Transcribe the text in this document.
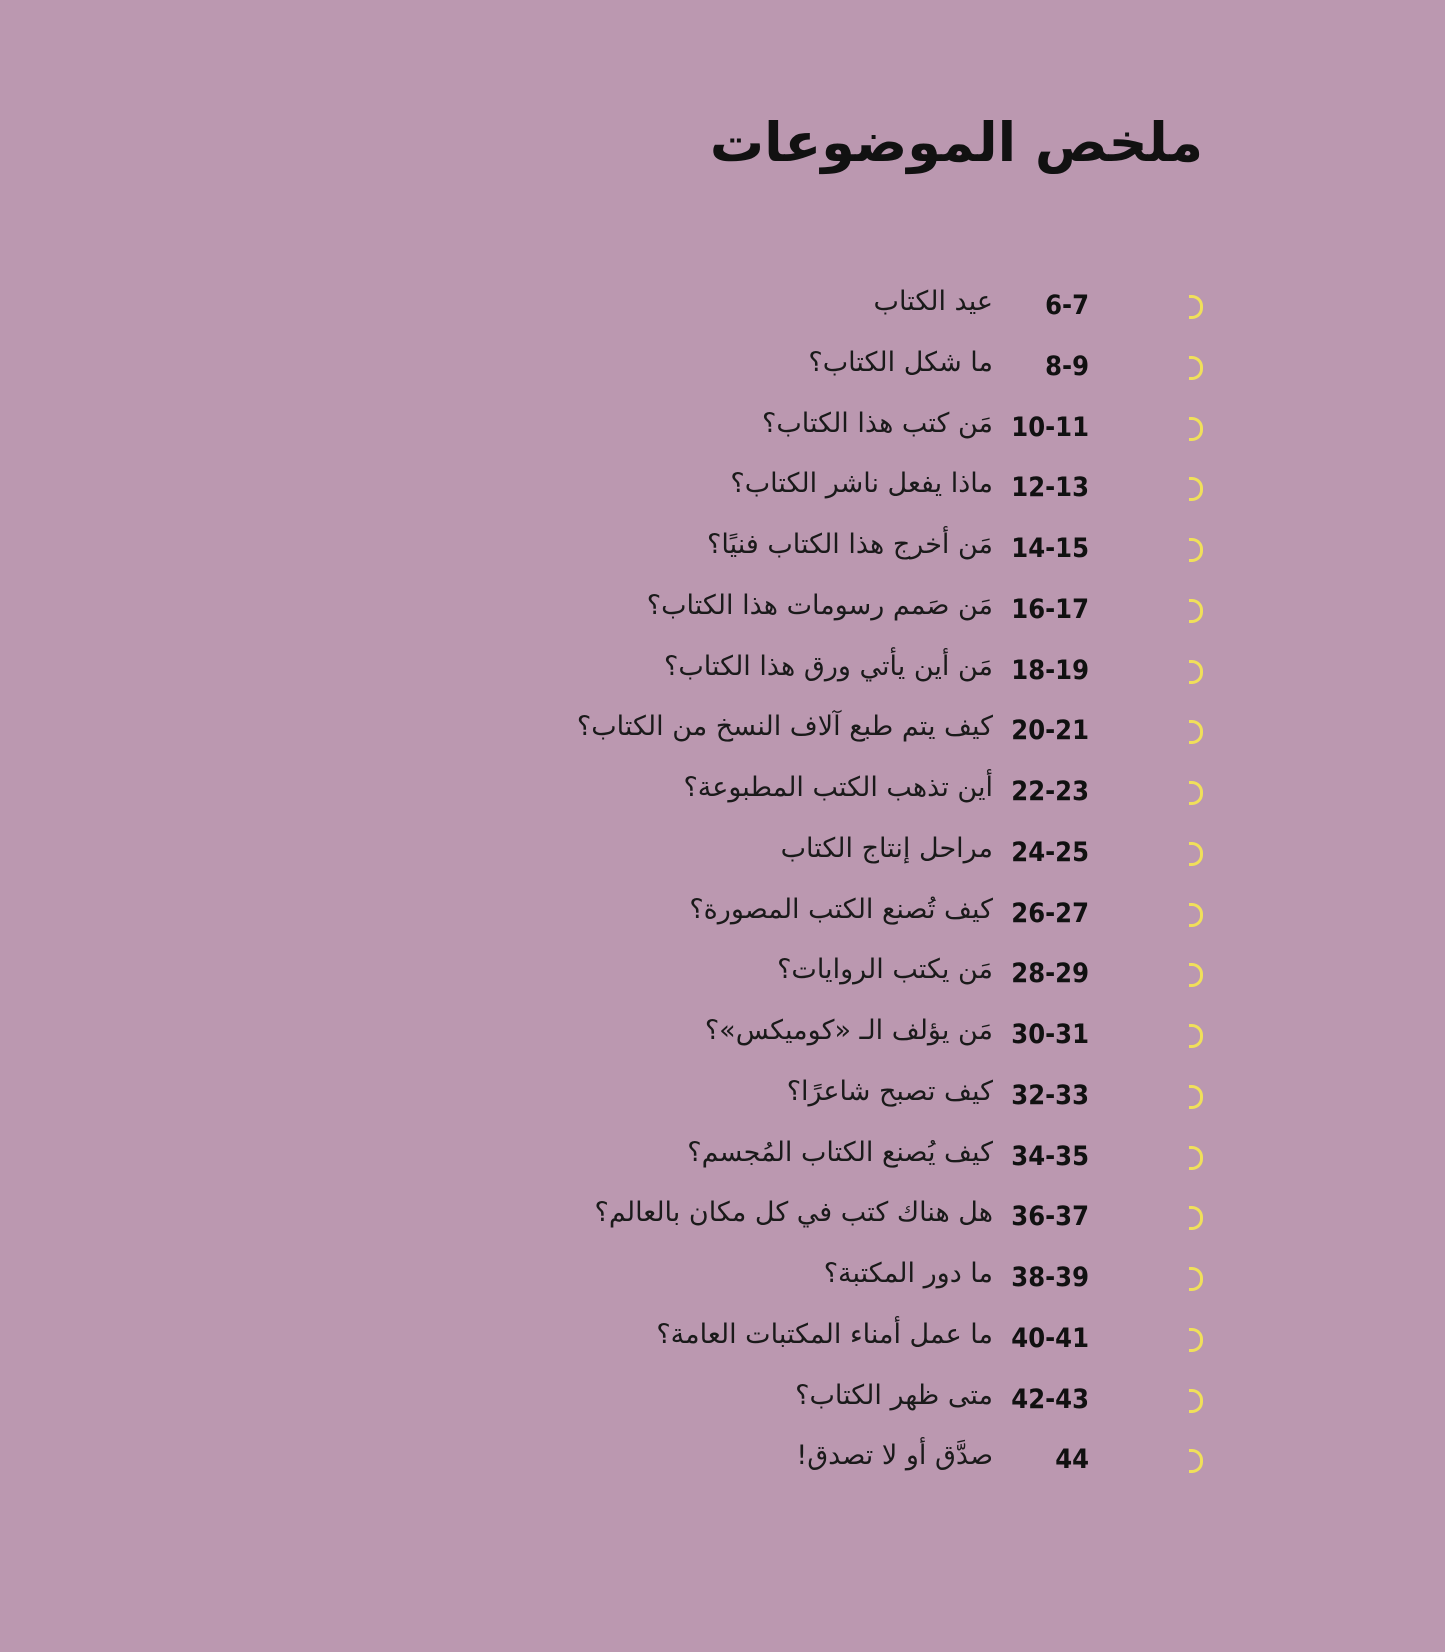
ملخص الموضوعات
6-7
عيد الكتاب
8-9
ما شكل الكتاب؟
10-11
مَن كتب هذا الكتاب؟
12-13
ماذا يفعل ناشر الكتاب؟
14-15
مَن أخرج هذا الكتاب فنيًا؟
16-17
مَن صَمم رسومات هذا الكتاب؟
18-19
مَن أين يأتي ورق هذا الكتاب؟
20-21
كيف يتم طبع آلاف النسخ من الكتاب؟
22-23
أين تذهب الكتب المطبوعة؟
24-25
مراحل إنتاج الكتاب
26-27
كيف تُصنع الكتب المصورة؟
28-29
مَن يكتب الروايات؟
30-31
مَن يؤلف الـ «كوميكس»؟
32-33
كيف تصبح شاعرًا؟
34-35
كيف يُصنع الكتاب المُجسم؟
36-37
هل هناك كتب في كل مكان بالعالم؟
38-39
ما دور المكتبة؟
40-41
ما عمل أمناء المكتبات العامة؟
42-43
متى ظهر الكتاب؟
44
صدَّق أو لا تصدق!
